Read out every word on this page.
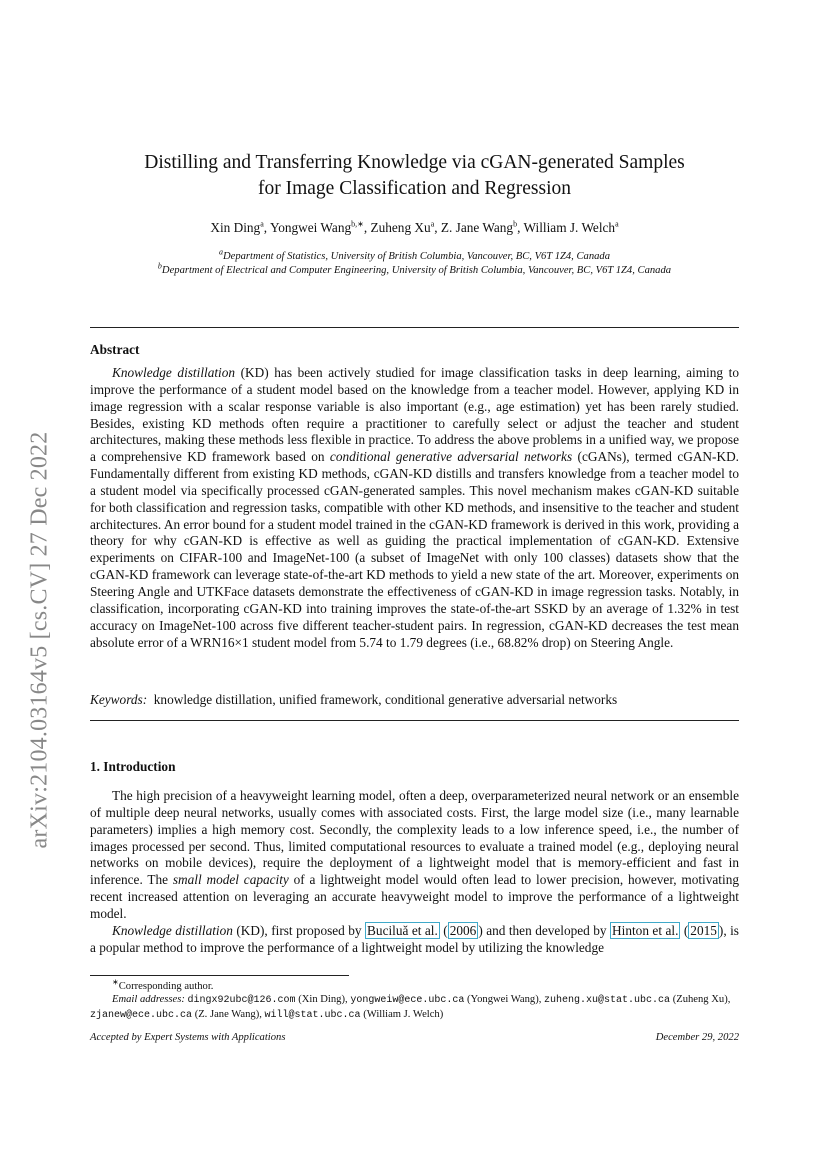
arXiv:2104.03164v5 [cs.CV] 27 Dec 2022
Distilling and Transferring Knowledge via cGAN-generated Samples
for Image Classification and Regression
Xin Ding$^a$, Yongwei Wang$^{b,∗}$, Zuheng Xu$^a$, Z. Jane Wang$^b$, William J. Welch$^a$
$^a$Department of Statistics, University of British Columbia, Vancouver, BC, V6T 1Z4, Canada
$^b$Department of Electrical and Computer Engineering, University of British Columbia, Vancouver, BC, V6T 1Z4, Canada
Abstract

Knowledge distillation (KD) has been actively studied for image classification tasks in deep learning, aiming to improve the performance of a student model based on the knowledge from a teacher model. However, applying KD in image regression with a scalar response variable is also important (e.g., age estimation) yet has been rarely studied. Besides, existing KD methods often require a practitioner to carefully select or adjust the teacher and student architectures, making these methods less flexible in practice. To address the above problems in a unified way, we propose a comprehensive KD framework based on conditional generative adversarial networks (cGANs), termed cGAN-KD. Fundamentally different from existing KD methods, cGAN-KD distills and transfers knowledge from a teacher model to a student model via specifically processed cGAN-generated samples. This novel mechanism makes cGAN-KD suitable for both classification and regression tasks, compatible with other KD methods, and insensitive to the teacher and student architectures. An error bound for a student model trained in the cGAN-KD framework is derived in this work, providing a theory for why cGAN-KD is effective as well as guiding the practical implementation of cGAN-KD. Extensive experiments on CIFAR-100 and ImageNet-100 (a subset of ImageNet with only 100 classes) datasets show that the cGAN-KD framework can leverage state-of-the-art KD methods to yield a new state of the art. Moreover, experiments on Steering Angle and UTKFace datasets demonstrate the effectiveness of cGAN-KD in image regression tasks. Notably, in classification, incorporating cGAN-KD into training improves the state-of-the-art SSKD by an average of 1.32% in test accuracy on ImageNet-100 across five different teacher-student pairs. In regression, cGAN-KD decreases the test mean absolute error of a WRN16×1 student model from 5.74 to 1.79 degrees (i.e., 68.82% drop) on Steering Angle.

Keywords: knowledge distillation, unified framework, conditional generative adversarial networks
1. Introduction

The high precision of a heavyweight learning model, often a deep, overparameterized neural network or an ensemble of multiple deep neural networks, usually comes with associated costs. First, the large model size (i.e., many learnable parameters) implies a high memory cost. Secondly, the complexity leads to a low inference speed, i.e., the number of images processed per second. Thus, limited computational resources to evaluate a trained model (e.g., deploying neural networks on mobile devices), require the deployment of a lightweight model that is memory-efficient and fast in inference. The small model capacity of a lightweight model would often lead to lower precision, however, motivating recent increased attention on leveraging an accurate heavyweight model to improve the performance of a lightweight model.

Knowledge distillation (KD), first proposed by Buciluă et al. ( 2006 ) and then developed by Hinton et al. ( 2015 ), is a popular method to improve the performance of a lightweight model by utilizing the knowledge

∗Corresponding author.
Email addresses: dingx92ubc@126.com (Xin Ding), yongweiw@ece.ubc.ca (Yongwei Wang), zuheng.xu@stat.ubc.ca (Zuheng Xu), zjanew@ece.ubc.ca (Z. Jane Wang), will@stat.ubc.ca (William J. Welch)
Accepted by Expert Systems with Applications	December 29, 2022
